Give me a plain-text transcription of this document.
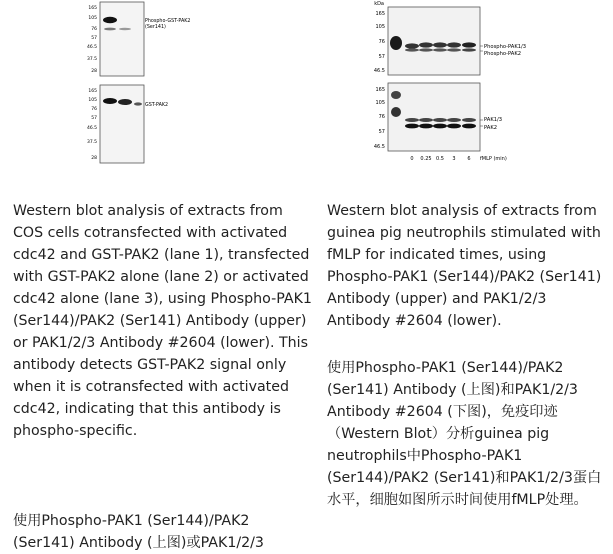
165
105
76
57
46.5
37.5
28
Phospho-GST-PAK2
(Ser141)
165
105
76
57
46.5
37.5
28
GST-PAK2
kDa
165
105
76
57
46.5
Phospho-PAK1/3
Phospho-PAK2
165
105
76
57
46.5
PAK1/3
PAK2
0 0.25 0.5 3 6 fMLP (min)

Western blot analysis of extracts from COS cells cotransfected with activated cdc42 and GST-PAK2 (lane 1), transfected with GST-PAK2 alone (lane 2) or activated cdc42 alone (lane 3), using Phospho-PAK1 (Ser144)/PAK2 (Ser141) Antibody (upper) or PAK1/2/3 Antibody #2604 (lower). This antibody detects GST-PAK2 signal only when it is cotransfected with activated cdc42, indicating that this antibody is phospho-specific.

使用Phospho-PAK1 (Ser144)/PAK2 (Ser141) Antibody (上图)或PAK1/2/3

Western blot analysis of extracts from guinea pig neutrophils stimulated with fMLP for indicated times, using Phospho-PAK1 (Ser144)/PAK2 (Ser141) Antibody (upper) and PAK1/2/3 Antibody #2604 (lower).

使用Phospho-PAK1 (Ser144)/PAK2 (Ser141) Antibody (上图)和PAK1/2/3 Antibody #2604 (下图)，免疫印迹（Western Blot）分析guinea pig neutrophils中Phospho-PAK1 (Ser144)/PAK2 (Ser141)和PAK1/2/3蛋白水平，细胞如图所示时间使用fMLP处理。
